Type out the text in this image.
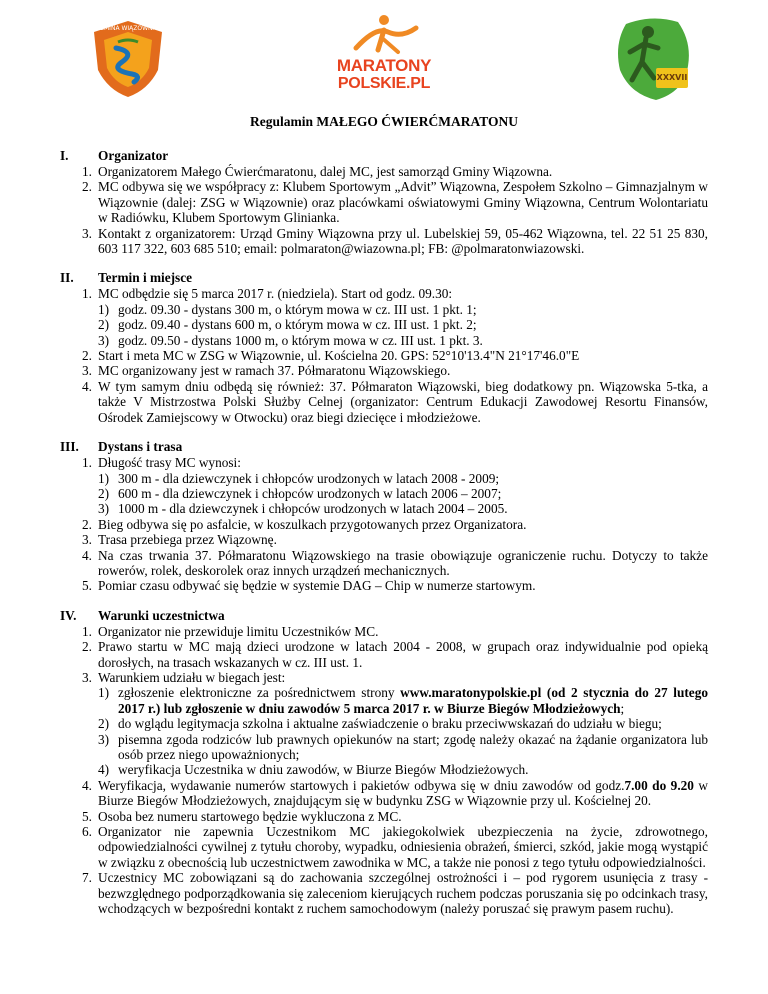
GMINA WIĄZOWNA
MARATONY
POLSKIE.PL	XXXVII
Regulamin MAŁEGO ĆWIERĆMARATONU
I. Organizator
1. Organizatorem Małego Ćwierćmaratonu, dalej MC, jest samorząd Gminy Wiązowna.
2. MC odbywa się we współpracy z: Klubem Sportowym „Advit” Wiązowna, Zespołem Szkolno – Gimnazjalnym w Wiązownie (dalej: ZSG w Wiązownie) oraz placówkami oświatowymi Gminy Wiązowna, Centrum Wolontariatu w Radiówku, Klubem Sportowym Glinianka.
3. Kontakt z organizatorem: Urząd Gminy Wiązowna przy ul. Lubelskiej 59, 05-462 Wiązowna, tel. 22 51 25 830, 603 117 322, 603 685 510; email: polmaraton@wiazowna.pl; FB: @polmaratonwiazowski.
II. Termin i miejsce
1. MC odbędzie się 5 marca 2017 r. (niedziela). Start od godz. 09.30:
1) godz. 09.30 - dystans 300 m, o którym mowa w cz. III ust. 1 pkt. 1;
2) godz. 09.40 - dystans 600 m, o którym mowa w cz. III ust. 1 pkt. 2;
3) godz. 09.50 - dystans 1000 m, o którym mowa w cz. III ust. 1 pkt. 3.
2. Start i meta MC w ZSG w Wiązownie, ul. Kościelna 20. GPS: 52°10'13.4"N 21°17'46.0"E
3. MC organizowany jest w ramach 37. Półmaratonu Wiązowskiego.
4. W tym samym dniu odbędą się również: 37. Półmaraton Wiązowski, bieg dodatkowy pn. Wiązowska 5-tka, a także V Mistrzostwa Polski Służby Celnej (organizator: Centrum Edukacji Zawodowej Resortu Finansów, Ośrodek Zamiejscowy w Otwocku) oraz biegi dziecięce i młodzieżowe.
III. Dystans i trasa
1. Długość trasy MC wynosi:
1) 300 m - dla dziewczynek i chłopców urodzonych w latach 2008 - 2009;
2) 600 m - dla dziewczynek i chłopców urodzonych w latach 2006 – 2007;
3) 1000 m - dla dziewczynek i chłopców urodzonych w latach 2004 – 2005.
2. Bieg odbywa się po asfalcie, w koszulkach przygotowanych przez Organizatora.
3. Trasa przebiega przez Wiązownę.
4. Na czas trwania 37. Półmaratonu Wiązowskiego na trasie obowiązuje ograniczenie ruchu. Dotyczy to także rowerów, rolek, deskorolek oraz innych urządzeń mechanicznych.
5. Pomiar czasu odbywać się będzie w systemie DAG – Chip w numerze startowym.
IV. Warunki uczestnictwa
1. Organizator nie przewiduje limitu Uczestników MC.
2. Prawo startu w MC mają dzieci urodzone w latach 2004 - 2008, w grupach oraz indywidualnie pod opieką dorosłych, na trasach wskazanych w cz. III ust. 1.
3. Warunkiem udziału w biegach jest:
1) zgłoszenie elektroniczne za pośrednictwem strony www.maratonypolskie.pl (od 2 stycznia do 27 lutego 2017 r.) lub zgłoszenie w dniu zawodów 5 marca 2017 r. w Biurze Biegów Młodzieżowych;
2) do wglądu legitymacja szkolna i aktualne zaświadczenie o braku przeciwwskazań do udziału w biegu;
3) pisemna zgoda rodziców lub prawnych opiekunów na start; zgodę należy okazać na żądanie organizatora lub osób przez niego upoważnionych;
4) weryfikacja Uczestnika w dniu zawodów, w Biurze Biegów Młodzieżowych.
4. Weryfikacja, wydawanie numerów startowych i pakietów odbywa się w dniu zawodów od godz.7.00 do 9.20 w Biurze Biegów Młodzieżowych, znajdującym się w budynku ZSG w Wiązownie przy ul. Kościelnej 20.
5. Osoba bez numeru startowego będzie wykluczona z MC.
6. Organizator nie zapewnia Uczestnikom MC jakiegokolwiek ubezpieczenia na życie, zdrowotnego, odpowiedzialności cywilnej z tytułu choroby, wypadku, odniesienia obrażeń, śmierci, szkód, jakie mogą wystąpić w związku z obecnością lub uczestnictwem zawodnika w MC, a także nie ponosi z tego tytułu odpowiedzialności.
7. Uczestnicy MC zobowiązani są do zachowania szczególnej ostrożności i – pod rygorem usunięcia z trasy - bezwzględnego podporządkowania się zaleceniom kierujących ruchem podczas poruszania się po odcinkach trasy, wchodzących w bezpośredni kontakt z ruchem samochodowym (należy poruszać się prawym pasem ruchu).
